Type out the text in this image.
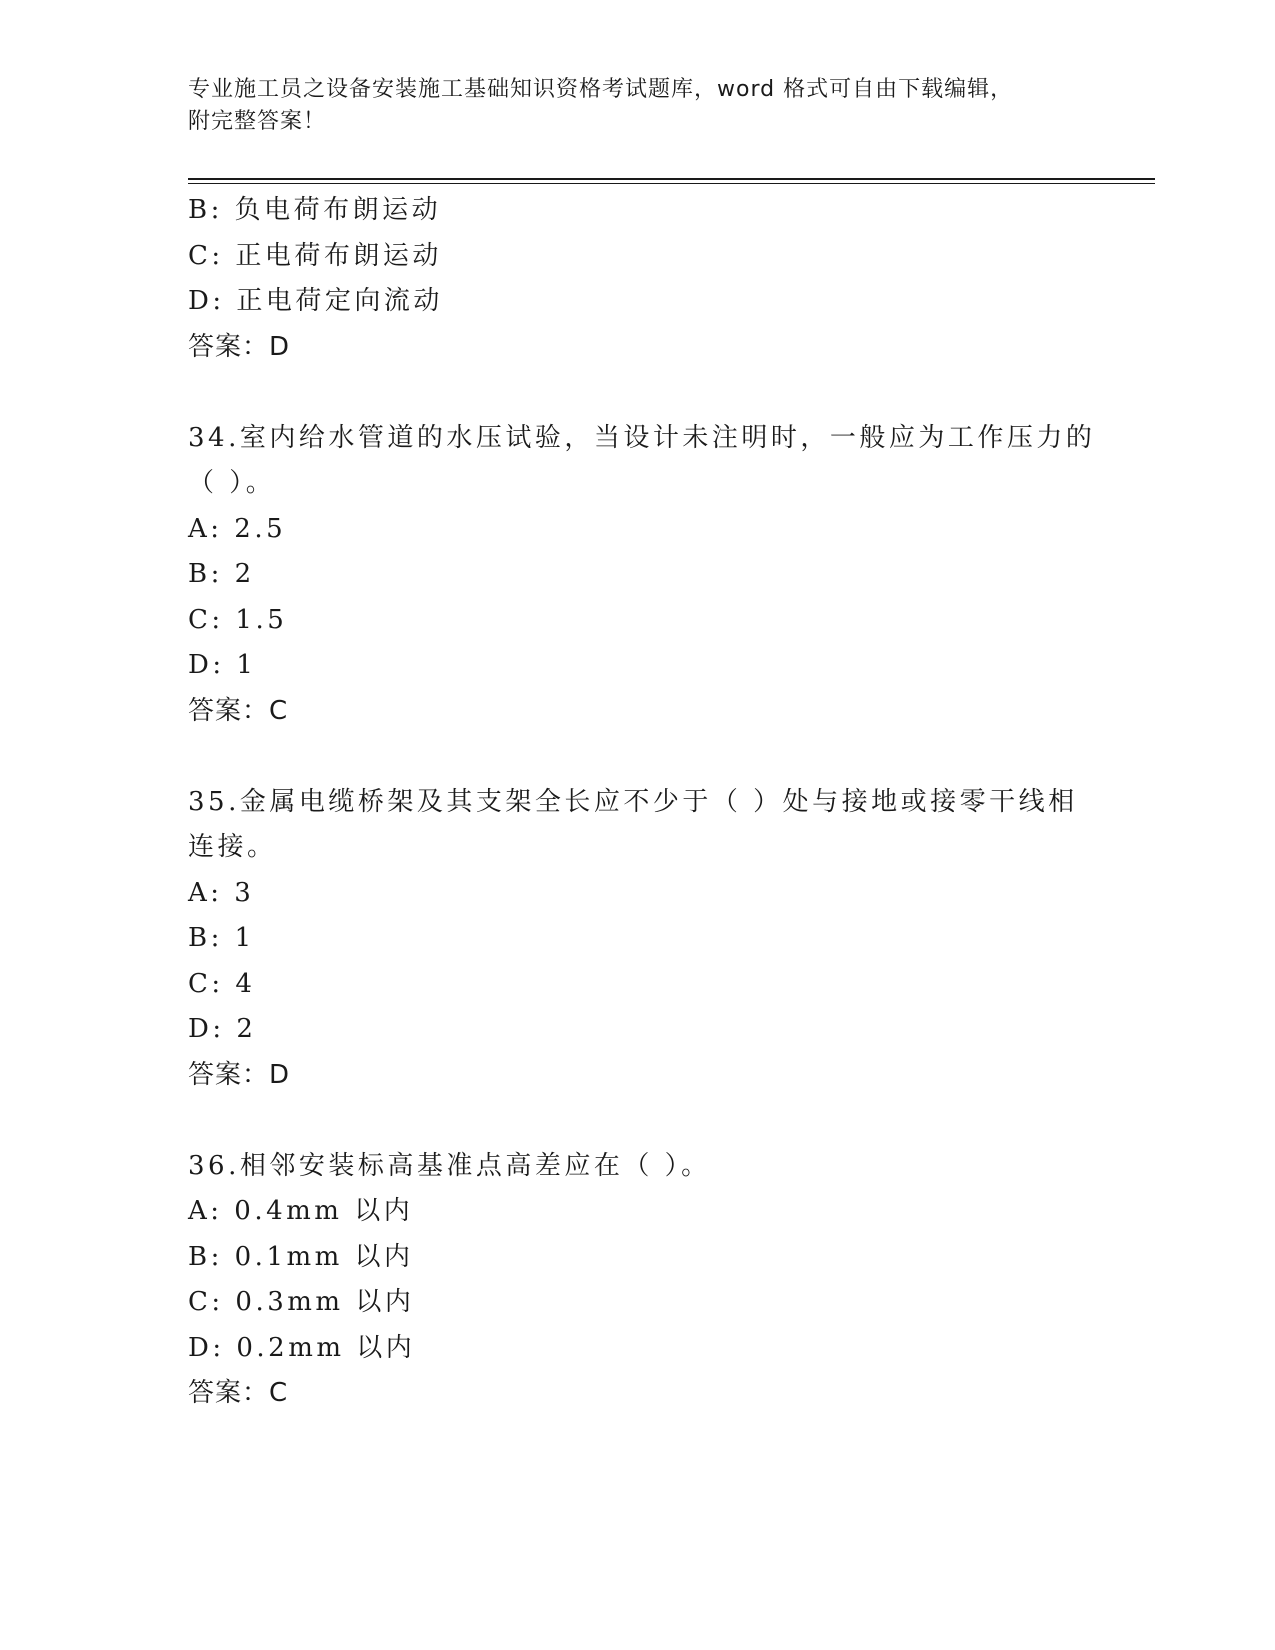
专业施工员之设备安装施工基础知识资格考试题库，word 格式可自由下载编辑，
附完整答案！
B: 负电荷布朗运动
C: 正电荷布朗运动
D: 正电荷定向流动
答案：D
34.室内给水管道的水压试验，当设计未注明时，一般应为工作压力的
（ ）。
A: 2.5
B: 2
C: 1.5
D: 1
答案：C
35.金属电缆桥架及其支架全长应不少于（ ）处与接地或接零干线相
连接。
A: 3
B: 1
C: 4
D: 2
答案：D
36.相邻安装标高基准点高差应在（ ）。
A: 0.4mm 以内
B: 0.1mm 以内
C: 0.3mm 以内
D: 0.2mm 以内
答案：C
